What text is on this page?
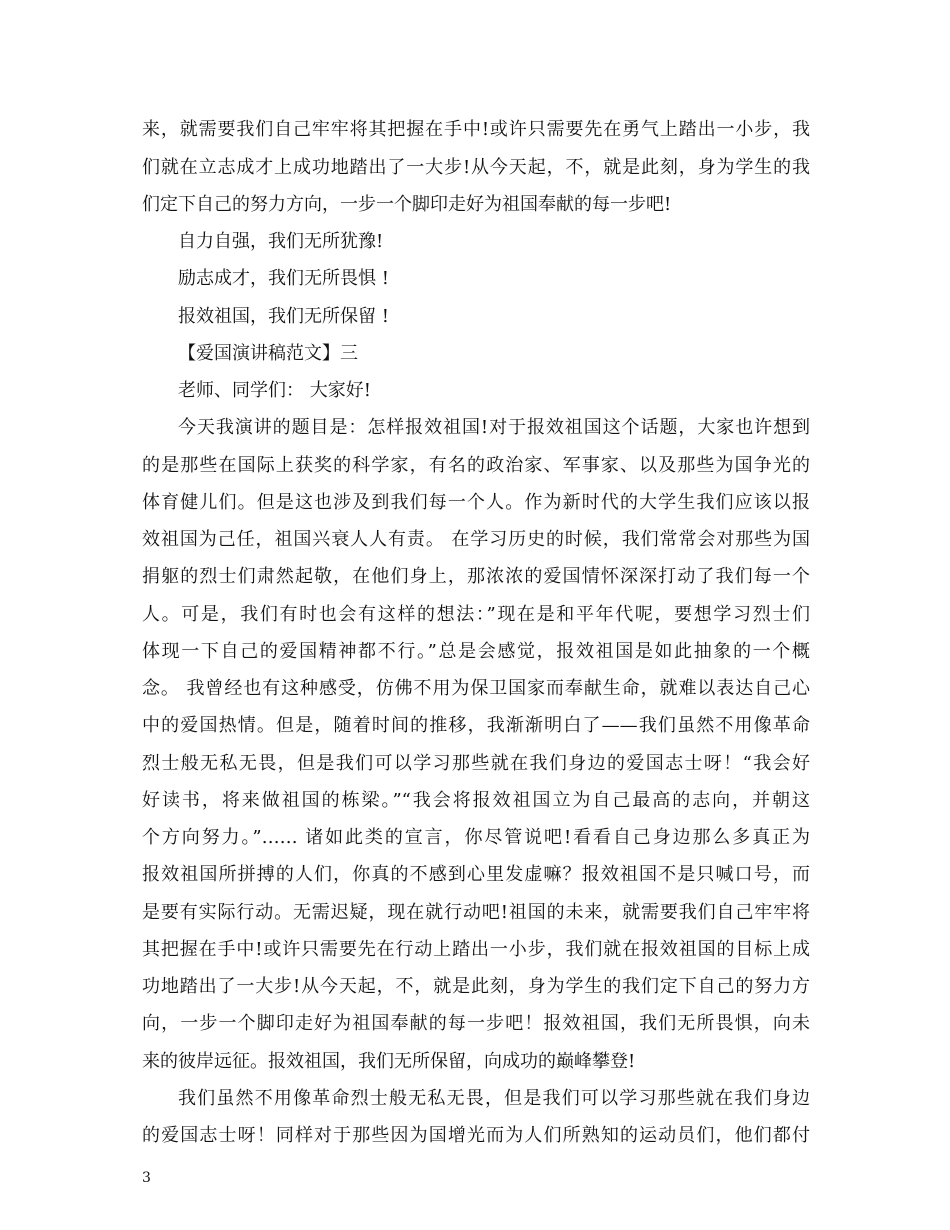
来，就需要我们自己牢牢将其把握在手中!或许只需要先在勇气上踏出一小步，我
们就在立志成才上成功地踏出了一大步!从今天起，不，就是此刻，身为学生的我
们定下自己的努力方向，一步一个脚印走好为祖国奉献的每一步吧!
自力自强，我们无所犹豫!
励志成才，我们无所畏惧 !
报效祖国，我们无所保留 !
【爱国演讲稿范文】三
老师、同学们： 大家好!
今天我演讲的题目是：怎样报效祖国!对于报效祖国这个话题，大家也许想到
的是那些在国际上获奖的科学家，有名的政治家、军事家、以及那些为国争光的
体育健儿们。但是这也涉及到我们每一个人。作为新时代的大学生我们应该以报
效祖国为己任，祖国兴衰人人有责。 在学习历史的时候，我们常常会对那些为国
捐躯的烈士们肃然起敬，在他们身上，那浓浓的爱国情怀深深打动了我们每一个
人。可是，我们有时也会有这样的想法：”现在是和平年代呢，要想学习烈士们
体现一下自己的爱国精神都不行。”总是会感觉，报效祖国是如此抽象的一个概
念。 我曾经也有这种感受，仿佛不用为保卫国家而奉献生命，就难以表达自己心
中的爱国热情。但是，随着时间的推移，我渐渐明白了——我们虽然不用像革命
烈士般无私无畏，但是我们可以学习那些就在我们身边的爱国志士呀！“我会好
好读书，将来做祖国的栋梁。”“我会将报效祖国立为自己最高的志向，并朝这
个方向努力。”…… 诸如此类的宣言，你尽管说吧!看看自己身边那么多真正为
报效祖国所拼搏的人们，你真的不感到心里发虚嘛？报效祖国不是只喊口号，而
是要有实际行动。无需迟疑，现在就行动吧!祖国的未来，就需要我们自己牢牢将
其把握在手中!或许只需要先在行动上踏出一小步，我们就在报效祖国的目标上成
功地踏出了一大步!从今天起，不，就是此刻，身为学生的我们定下自己的努力方
向，一步一个脚印走好为祖国奉献的每一步吧！报效祖国，我们无所畏惧，向未
来的彼岸远征。报效祖国，我们无所保留，向成功的巅峰攀登!
我们虽然不用像革命烈士般无私无畏，但是我们可以学习那些就在我们身边
的爱国志士呀！同样对于那些因为国增光而为人们所熟知的运动员们，他们都付
3
